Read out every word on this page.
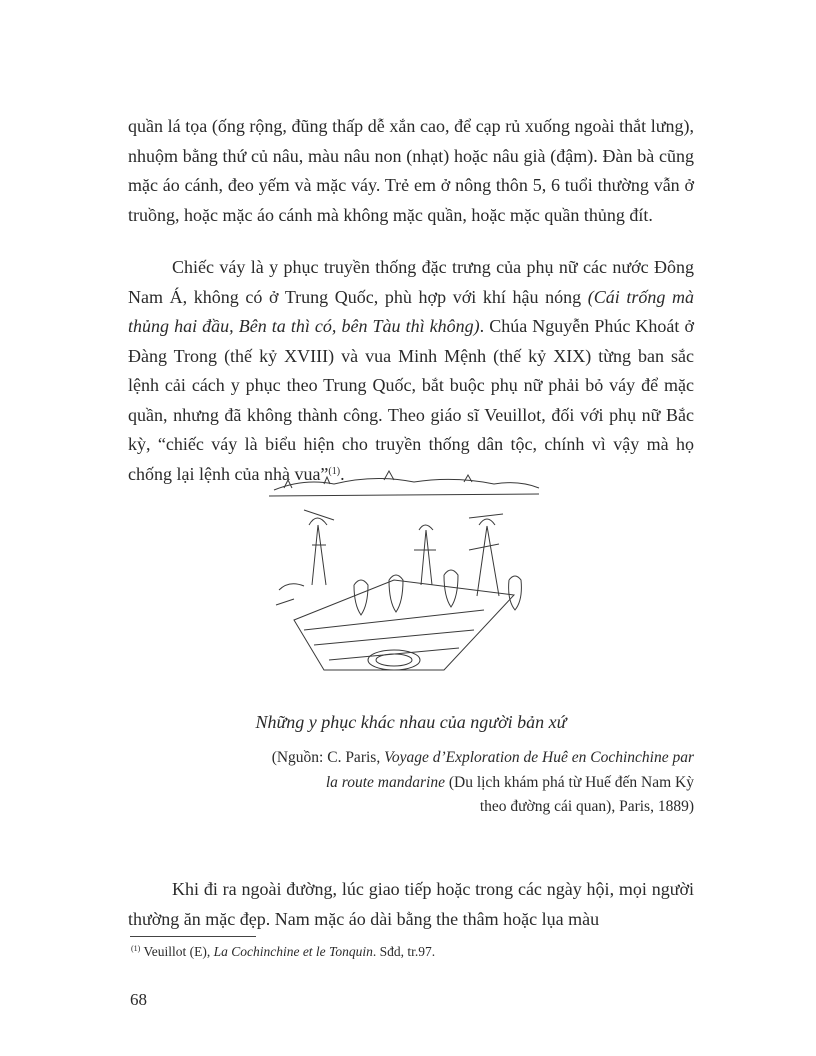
quần lá tọa (ống rộng, đũng thấp dễ xắn cao, để cạp rủ xuống ngoài thắt lưng), nhuộm bằng thứ củ nâu, màu nâu non (nhạt) hoặc nâu già (đậm). Đàn bà cũng mặc áo cánh, đeo yếm và mặc váy. Trẻ em ở nông thôn 5, 6 tuổi thường vẫn ở truồng, hoặc mặc áo cánh mà không mặc quần, hoặc mặc quần thủng đít.

Chiếc váy là y phục truyền thống đặc trưng của phụ nữ các nước Đông Nam Á, không có ở Trung Quốc, phù hợp với khí hậu nóng (Cái trống mà thủng hai đầu, Bên ta thì có, bên Tàu thì không). Chúa Nguyễn Phúc Khoát ở Đàng Trong (thế kỷ XVIII) và vua Minh Mệnh (thế kỷ XIX) từng ban sắc lệnh cải cách y phục theo Trung Quốc, bắt buộc phụ nữ phải bỏ váy để mặc quần, nhưng đã không thành công. Theo giáo sĩ Veuillot, đối với phụ nữ Bắc kỳ, “chiếc váy là biểu hiện cho truyền thống dân tộc, chính vì vậy mà họ chống lại lệnh của nhà vua”$^{(1)}$.

Những y phục khác nhau của người bản xứ
(Nguồn: C. Paris, Voyage d’Exploration de Huê en Cochinchine par
la route mandarine (Du lịch khám phá từ Huế đến Nam Kỳ
theo đường cái quan), Paris, 1889)

Khi đi ra ngoài đường, lúc giao tiếp hoặc trong các ngày hội, mọi người thường ăn mặc đẹp. Nam mặc áo dài bằng the thâm hoặc lụa màu

$^{(1)}$ Veuillot (E), La Cochinchine et le Tonquin. Sđd, tr.97.
68
